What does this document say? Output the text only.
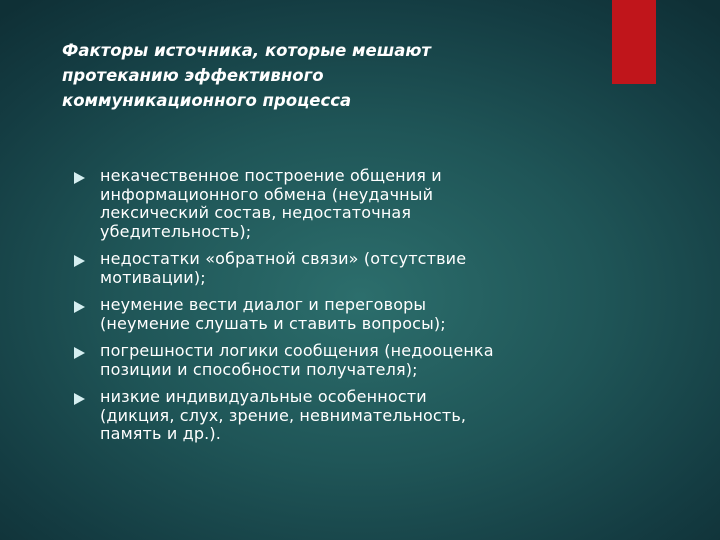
Факторы источника, которые мешают
протеканию эффективного
коммуникационного процесса
некачественное построение общения и
информационного обмена (неудачный
лексический состав, недостаточная
убедительность);
недостатки «обратной связи» (отсутствие
мотивации);
неумение вести диалог и переговоры
(неумение слушать и ставить вопросы);
погрешности логики сообщения (недооценка
позиции и способности получателя);
низкие индивидуальные особенности
(дикция, слух, зрение, невнимательность,
память и др.).
